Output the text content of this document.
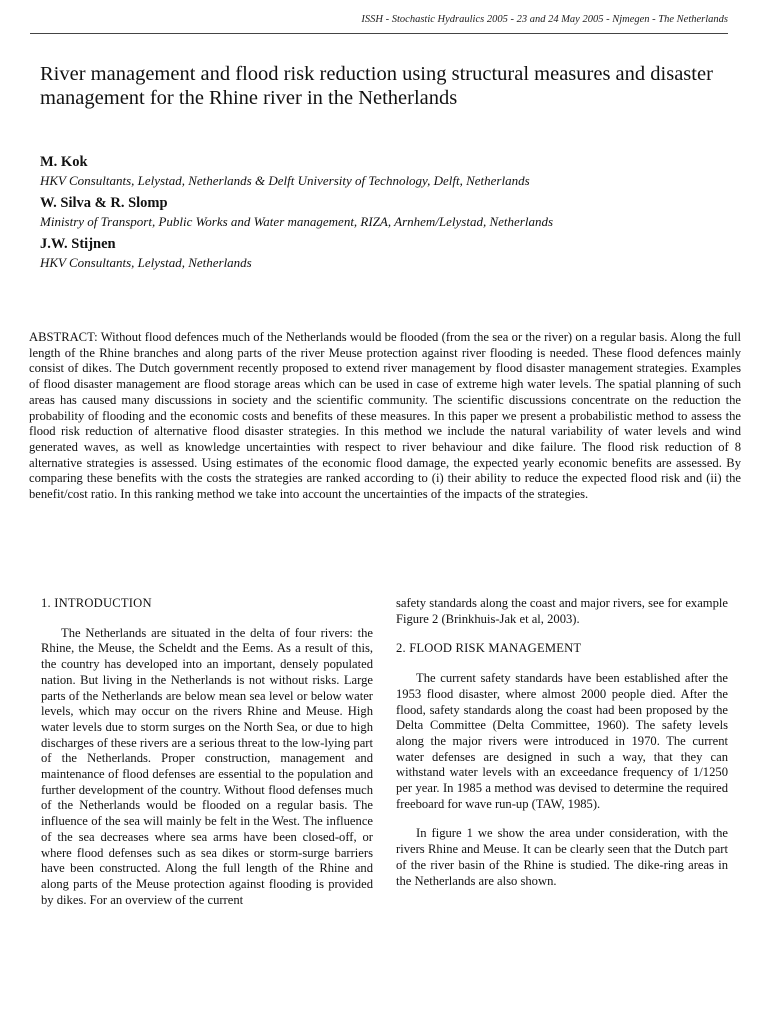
ISSH - Stochastic Hydraulics 2005 - 23 and 24 May 2005 - Njmegen - The Netherlands
River management and flood risk reduction using structural measures and disaster management for the Rhine river in the Netherlands

M. Kok

HKV Consultants, Lelystad, Netherlands & Delft University of Technology, Delft, Netherlands

W. Silva & R. Slomp

Ministry of Transport, Public Works and Water management, RIZA, Arnhem/Lelystad, Netherlands

J.W. Stijnen

HKV Consultants, Lelystad, Netherlands

ABSTRACT: Without flood defences much of the Netherlands would be flooded (from the sea or the river) on a regular basis. Along the full length of the Rhine branches and along parts of the river Meuse protection against river flooding is needed. These flood defences mainly consist of dikes. The Dutch government recently proposed to extend river management by flood disaster management strategies. Examples of flood disaster management are flood storage areas which can be used in case of extreme high water levels. The spatial planning of such areas has caused many discussions in society and the scientific community. The scientific discussions concentrate on the reduction the probability of flooding and the economic costs and benefits of these measures. In this paper we present a probabilistic method to assess the flood risk reduction of alternative flood disaster strategies. In this method we include the natural variability of water levels and wind generated waves, as well as knowledge uncertainties with respect to river behaviour and dike failure. The flood risk reduction of 8 alternative strategies is assessed. Using estimates of the economic flood damage, the expected yearly economic benefits are assessed. By comparing these benefits with the costs the strategies are ranked according to (i) their ability to reduce the expected flood risk and (ii) the benefit/cost ratio. In this ranking method we take into account the uncertainties of the impacts of the strategies.

1. INTRODUCTION

The Netherlands are situated in the delta of four rivers: the Rhine, the Meuse, the Scheldt and the Eems. As a result of this, the country has developed into an important, densely populated nation. But living in the Netherlands is not without risks. Large parts of the Netherlands are below mean sea level or below water levels, which may occur on the rivers Rhine and Meuse. High water levels due to storm surges on the North Sea, or due to high discharges of these rivers are a serious threat to the low-lying part of the Netherlands. Proper construction, management and maintenance of flood defenses are essential to the population and further development of the country. Without flood defenses much of the Netherlands would be flooded on a regular basis. The influence of the sea will mainly be felt in the West. The influence of the sea decreases where sea arms have been closed-off, or where flood defenses such as sea dikes or storm-surge barriers have been constructed. Along the full length of the Rhine and along parts of the Meuse protection against flooding is provided by dikes. For an overview of the current

safety standards along the coast and major rivers, see for example Figure 2 (Brinkhuis-Jak et al, 2003).

2. FLOOD RISK MANAGEMENT

The current safety standards have been established after the 1953 flood disaster, where almost 2000 people died. After the flood, safety standards along the coast had been proposed by the Delta Committee (Delta Committee, 1960). The safety levels along the major rivers were introduced in 1970. The current water defenses are designed in such a way, that they can withstand water levels with an exceedance frequency of 1/1250 per year. In 1985 a method was devised to determine the required freeboard for wave run-up (TAW, 1985).

In figure 1 we show the area under consideration, with the rivers Rhine and Meuse. It can be clearly seen that the Dutch part of the river basin of the Rhine is studied. The dike-ring areas in the Netherlands are also shown.
